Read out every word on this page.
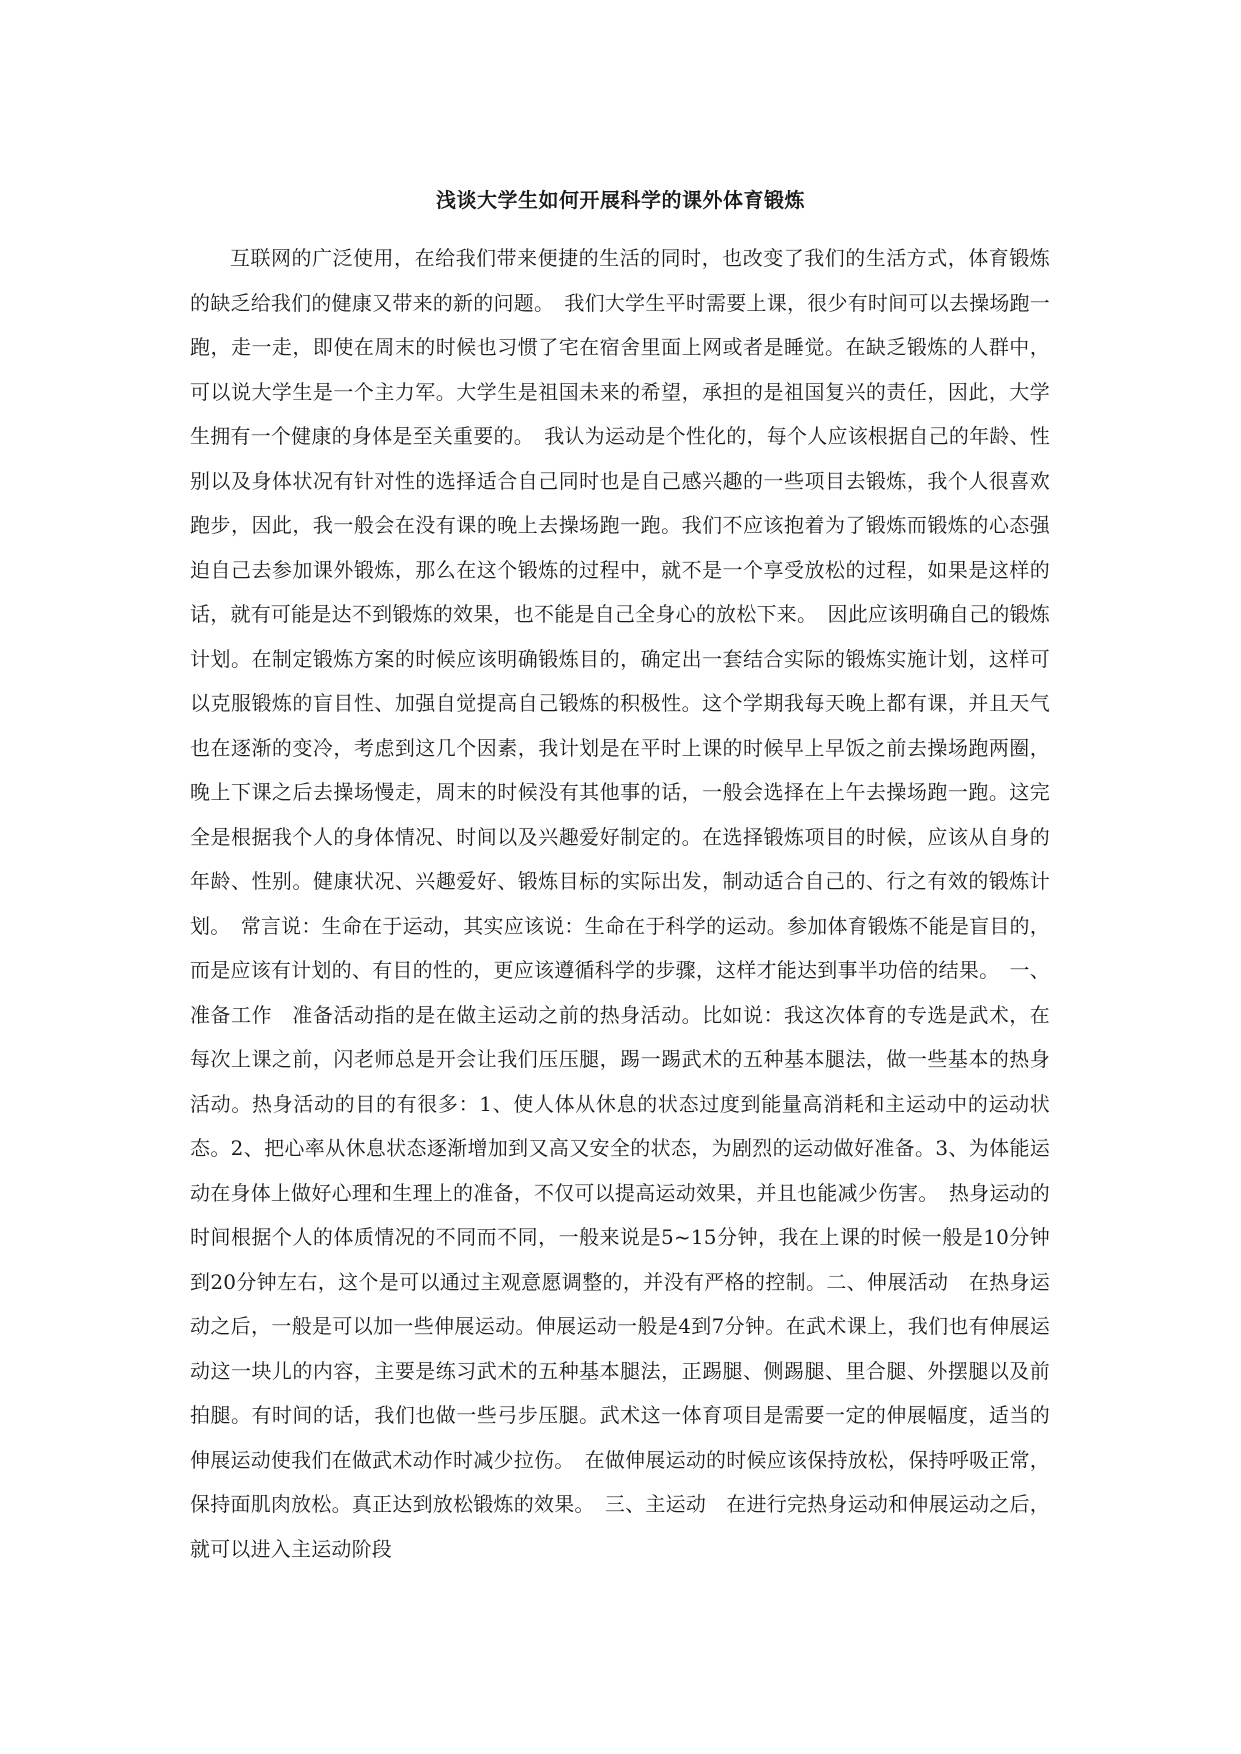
浅谈大学生如何开展科学的课外体育锻炼
互联网的广泛使用，在给我们带来便捷的生活的同时，也改变了我们的生活方式，体育锻炼的缺乏给我们的健康又带来的新的问题。　我们大学生平时需要上课，很少有时间可以去操场跑一跑，走一走，即使在周末的时候也习惯了宅在宿舍里面上网或者是睡觉。在缺乏锻炼的人群中，可以说大学生是一个主力军。大学生是祖国未来的希望，承担的是祖国复兴的责任，因此，大学生拥有一个健康的身体是至关重要的。　我认为运动是个性化的，每个人应该根据自己的年龄、性别以及身体状况有针对性的选择适合自己同时也是自己感兴趣的一些项目去锻炼，我个人很喜欢跑步，因此，我一般会在没有课的晚上去操场跑一跑。我们不应该抱着为了锻炼而锻炼的心态强迫自己去参加课外锻炼，那么在这个锻炼的过程中，就不是一个享受放松的过程，如果是这样的话，就有可能是达不到锻炼的效果，也不能是自己全身心的放松下来。　因此应该明确自己的锻炼计划。在制定锻炼方案的时候应该明确锻炼目的，确定出一套结合实际的锻炼实施计划，这样可以克服锻炼的盲目性、加强自觉提高自己锻炼的积极性。这个学期我每天晚上都有课，并且天气也在逐渐的变冷，考虑到这几个因素，我计划是在平时上课的时候早上早饭之前去操场跑两圈，晚上下课之后去操场慢走，周末的时候没有其他事的话，一般会选择在上午去操场跑一跑。这完全是根据我个人的身体情况、时间以及兴趣爱好制定的。在选择锻炼项目的时候，应该从自身的年龄、性别。健康状况、兴趣爱好、锻炼目标的实际出发，制动适合自己的、行之有效的锻炼计划。　常言说：生命在于运动，其实应该说：生命在于科学的运动。参加体育锻炼不能是盲目的，而是应该有计划的、有目的性的，更应该遵循科学的步骤，这样才能达到事半功倍的结果。　一、准备工作　准备活动指的是在做主运动之前的热身活动。比如说：我这次体育的专选是武术，在每次上课之前，闪老师总是开会让我们压压腿，踢一踢武术的五种基本腿法，做一些基本的热身活动。热身活动的目的有很多：1、使人体从休息的状态过度到能量高消耗和主运动中的运动状态。2、把心率从休息状态逐渐增加到又高又安全的状态，为剧烈的运动做好准备。3、为体能运动在身体上做好心理和生理上的准备，不仅可以提高运动效果，并且也能减少伤害。　热身运动的时间根据个人的体质情况的不同而不同，一般来说是5~15分钟，我在上课的时候一般是10分钟到20分钟左右，这个是可以通过主观意愿调整的，并没有严格的控制。二、伸展活动　在热身运动之后，一般是可以加一些伸展运动。伸展运动一般是4到7分钟。在武术课上，我们也有伸展运动这一块儿的内容，主要是练习武术的五种基本腿法，正踢腿、侧踢腿、里合腿、外摆腿以及前拍腿。有时间的话，我们也做一些弓步压腿。武术这一体育项目是需要一定的伸展幅度，适当的伸展运动使我们在做武术动作时减少拉伤。　在做伸展运动的时候应该保持放松，保持呼吸正常，保持面肌肉放松。真正达到放松锻炼的效果。　三、主运动　在进行完热身运动和伸展运动之后，就可以进入主运动阶段
